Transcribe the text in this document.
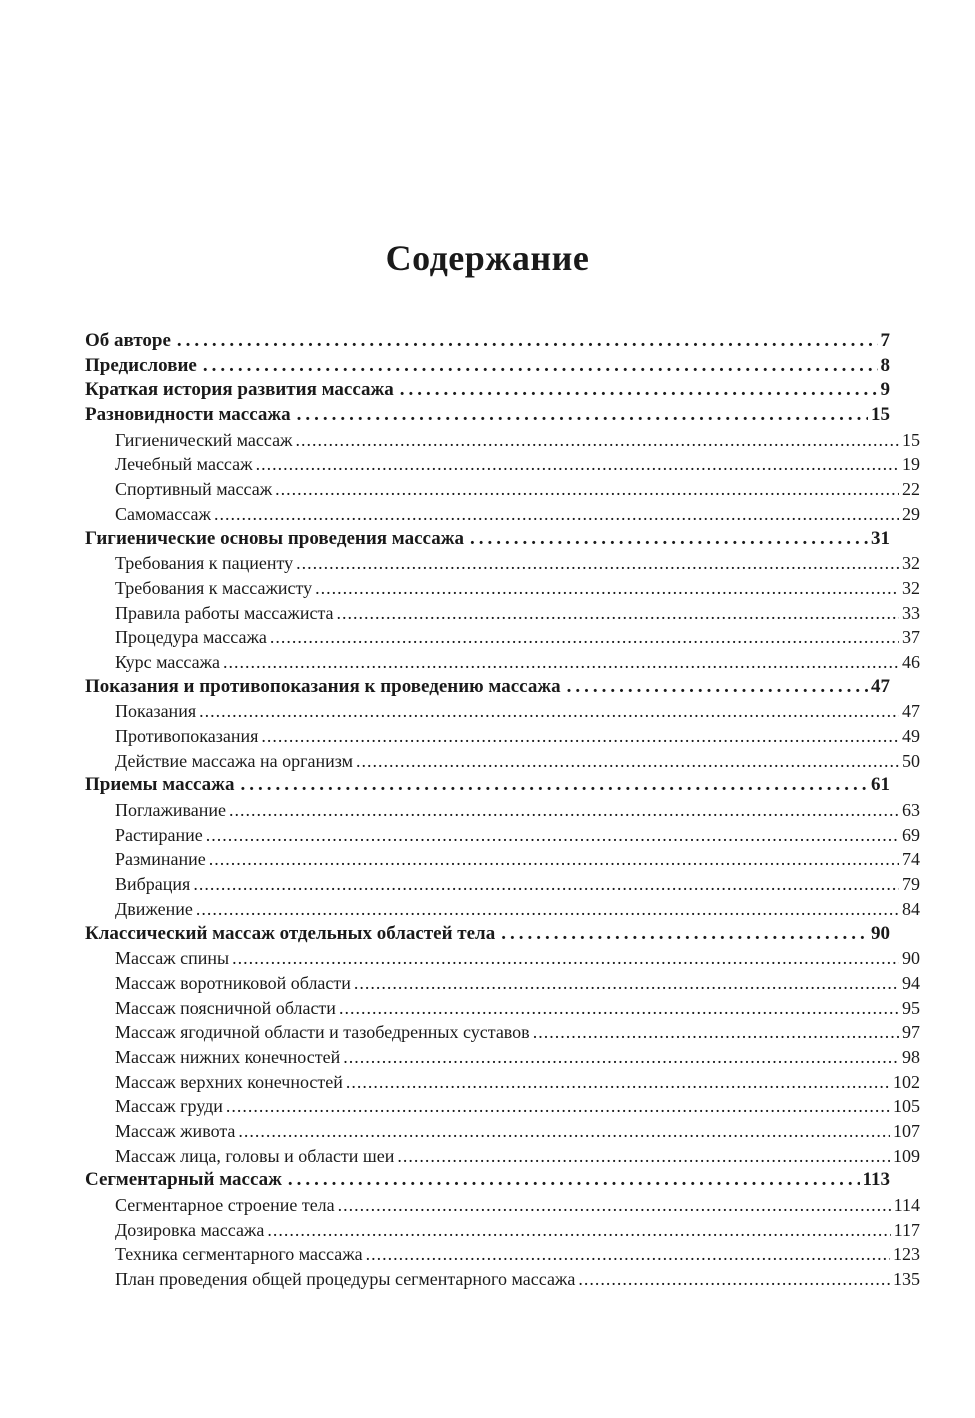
Содержание
Об авторе .....	7
Предисловие .....	8
Краткая история развития массажа .....	9
Разновидности массажа .....	15
Гигиенический массаж .....	15
Лечебный массаж .....	19
Спортивный массаж .....	22
Самомассаж .....	29
Гигиенические основы проведения массажа .....	31
Требования к пациенту .....	32
Требования к массажисту .....	32
Правила работы массажиста .....	33
Процедура массажа .....	37
Курс массажа .....	46
Показания и противопоказания к проведению массажа .....	47
Показания .....	47
Противопоказания .....	49
Действие массажа на организм .....	50
Приемы массажа .....	61
Поглаживание .....	63
Растирание .....	69
Разминание .....	74
Вибрация .....	79
Движение .....	84
Классический массаж отдельных областей тела .....	90
Массаж спины .....	90
Массаж воротниковой области .....	94
Массаж поясничной области .....	95
Массаж ягодичной области и тазобедренных суставов .....	97
Массаж нижних конечностей .....	98
Массаж верхних конечностей .....	102
Массаж груди .....	105
Массаж живота .....	107
Массаж лица, головы и области шеи .....	109
Сегментарный массаж .....	113
Сегментарное строение тела .....	114
Дозировка массажа .....	117
Техника сегментарного массажа .....	123
План проведения общей процедуры сегментарного массажа .....	135
